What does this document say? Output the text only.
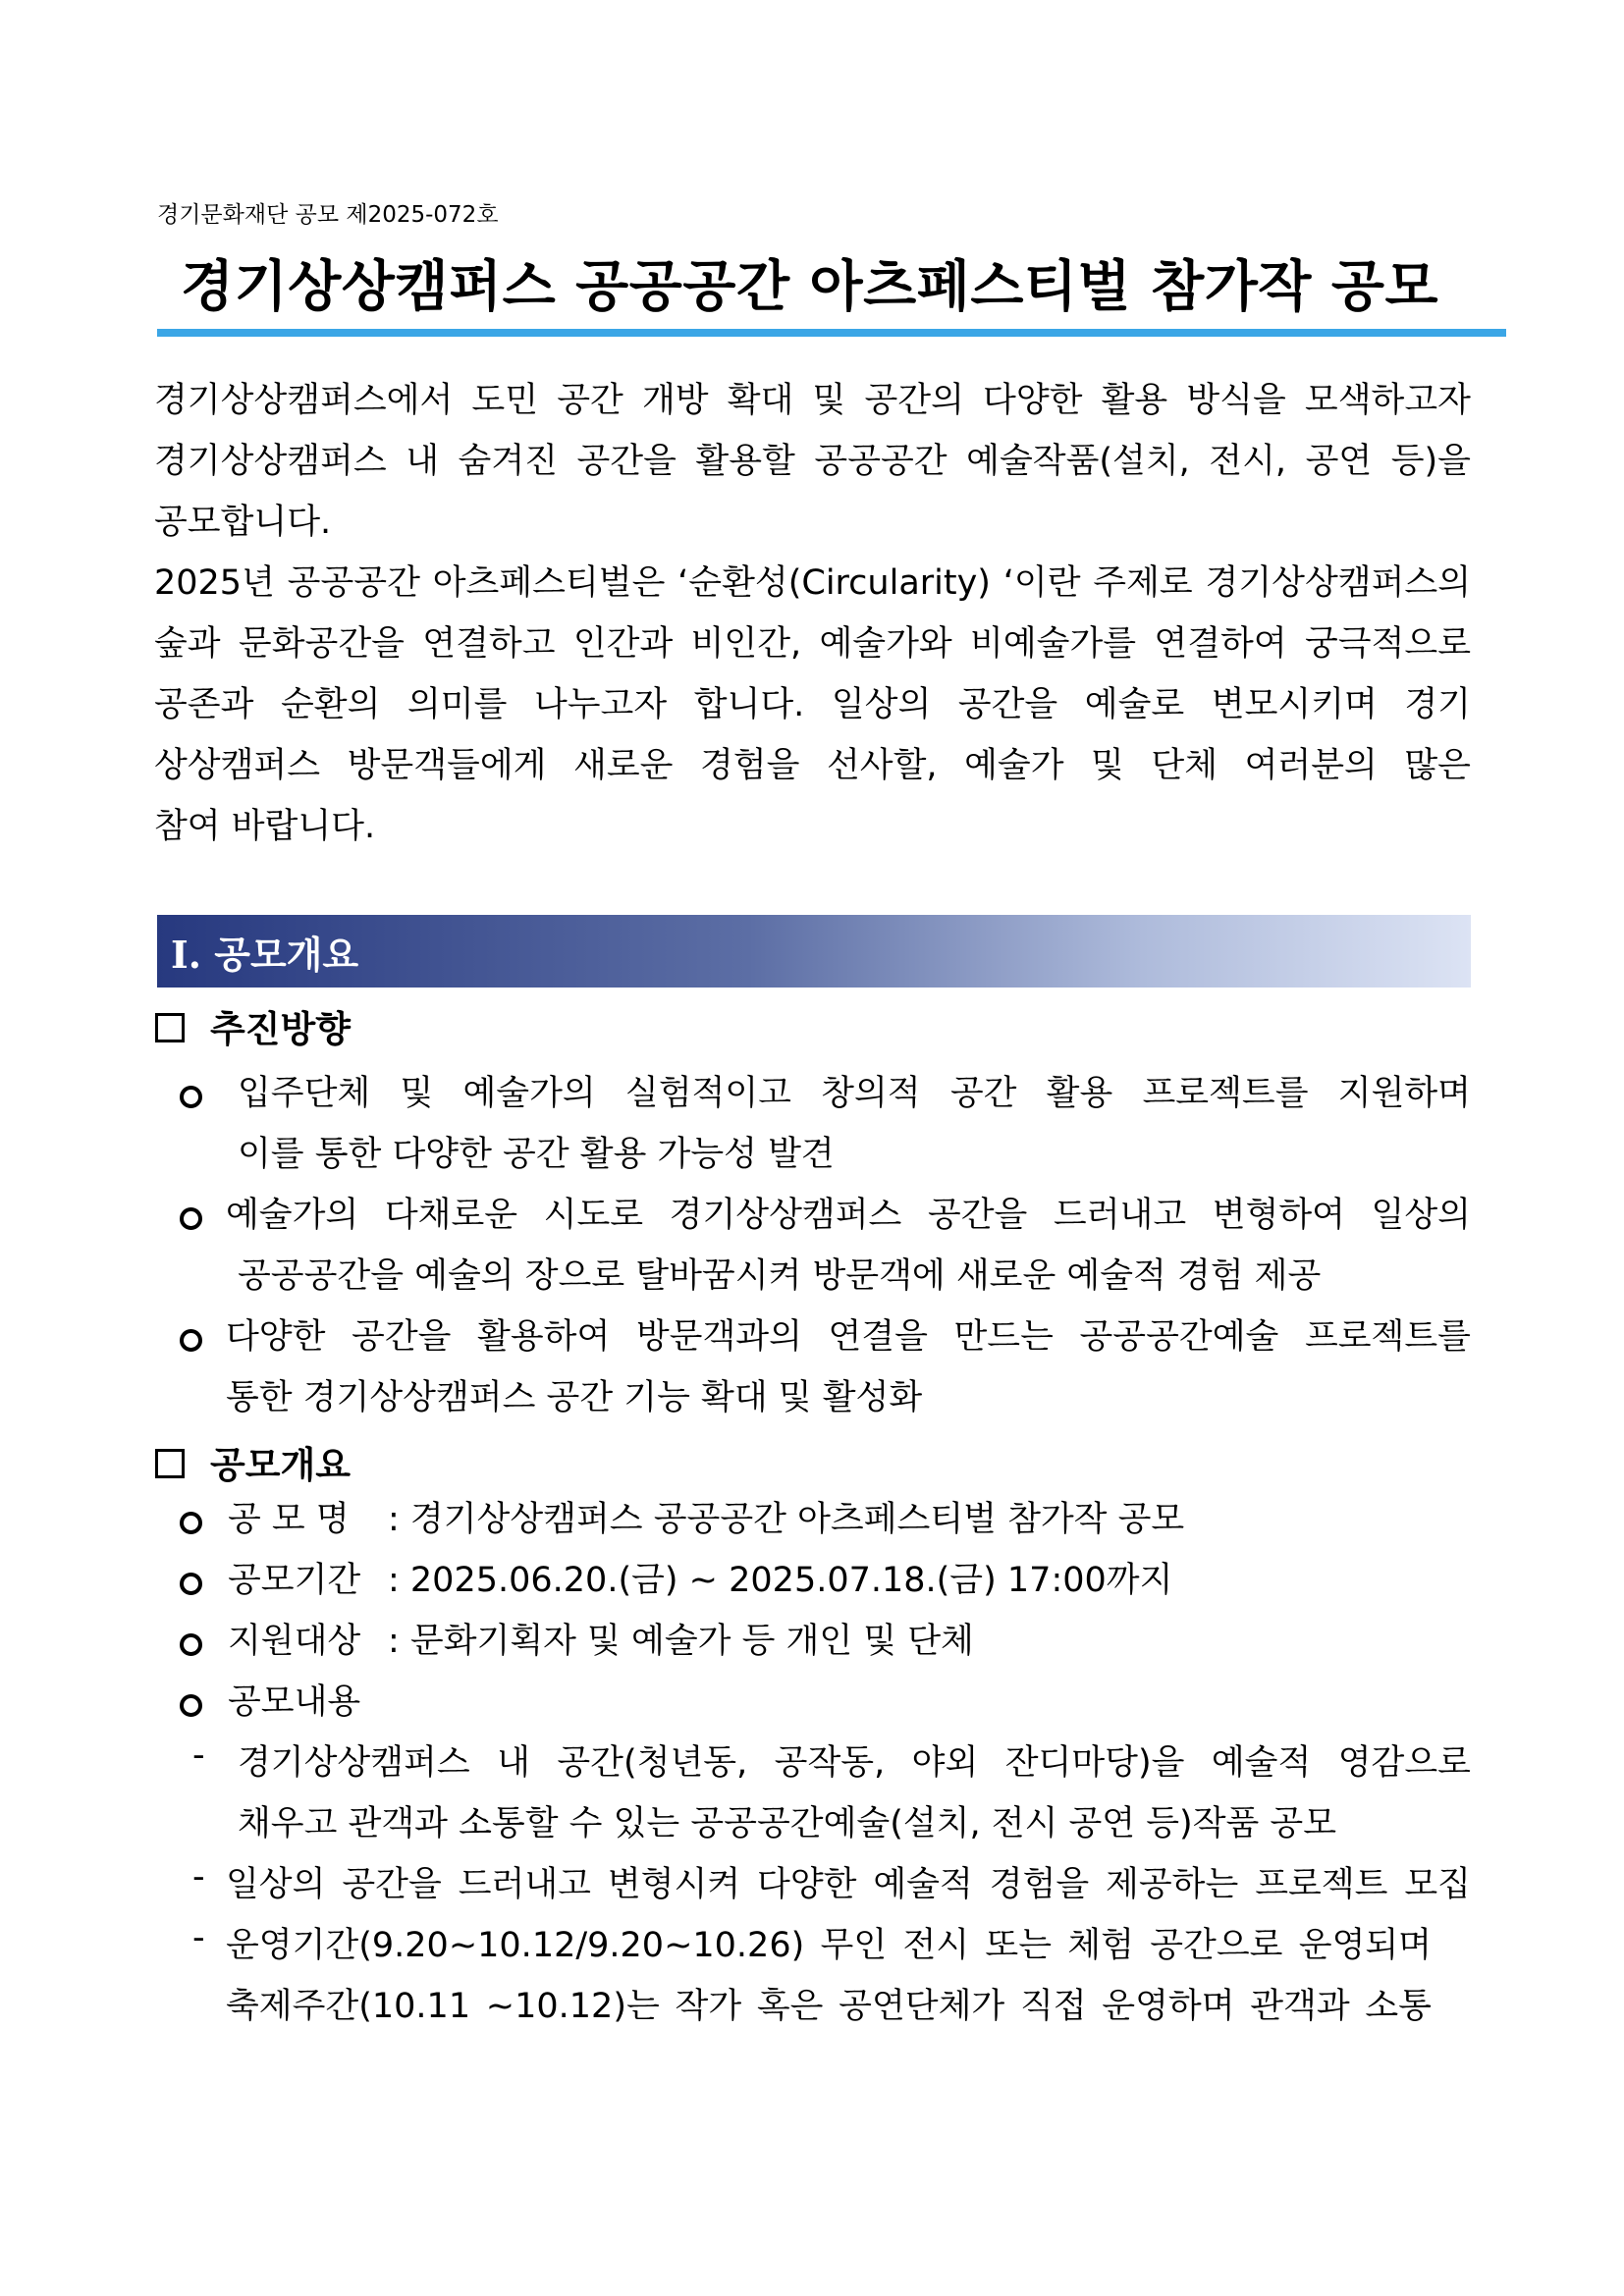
경기문화재단 공모 제2025-072호
경기상상캠퍼스 공공공간 아츠페스티벌 참가작 공모

경기상상캠퍼스에서 도민 공간 개방 확대 및 공간의 다양한 활용 방식을 모색하고자

경기상상캠퍼스 내 숨겨진 공간을 활용할 공공공간 예술작품(설치, 전시, 공연 등)을

공모합니다.

2025년 공공공간 아츠페스티벌은 ‘순환성(Circularity) ‘이란 주제로 경기상상캠퍼스의

숲과 문화공간을 연결하고 인간과 비인간, 예술가와 비예술가를 연결하여 궁극적으로

공존과 순환의 의미를 나누고자 합니다. 일상의 공간을 예술로 변모시키며 경기

상상캠퍼스 방문객들에게 새로운 경험을 선사할, 예술가 및 단체 여러분의 많은

참여 바랍니다.

I. 공모개요
추진방향

입주단체 및 예술가의 실험적이고 창의적 공간 활용 프로젝트를 지원하며

이를 통한 다양한 공간 활용 가능성 발견

예술가의 다채로운 시도로 경기상상캠퍼스 공간을 드러내고 변형하여 일상의

공공공간을 예술의 장으로 탈바꿈시켜 방문객에 새로운 예술적 경험 제공

다양한 공간을 활용하여 방문객과의 연결을 만드는 공공공간예술 프로젝트를

통한 경기상상캠퍼스 공간 기능 확대 및 활성화

공모개요

공 모 명 : 경기상상캠퍼스 공공공간 아츠페스티벌 참가작 공모

공모기간 : 2025.06.20.(금) ~ 2025.07.18.(금) 17:00까지

지원대상 : 문화기획자 및 예술가 등 개인 및 단체

공모내용

- 경기상상캠퍼스 내 공간(청년동, 공작동, 야외 잔디마당)을 예술적 영감으로

채우고 관객과 소통할 수 있는 공공공간예술(설치, 전시 공연 등)작품 공모

- 일상의 공간을 드러내고 변형시켜 다양한 예술적 경험을 제공하는 프로젝트 모집

- 운영기간(9.20~10.12/9.20~10.26) 무인 전시 또는 체험 공간으로 운영되며

축제주간(10.11 ~10.12)는 작가 혹은 공연단체가 직접 운영하며 관객과 소통
